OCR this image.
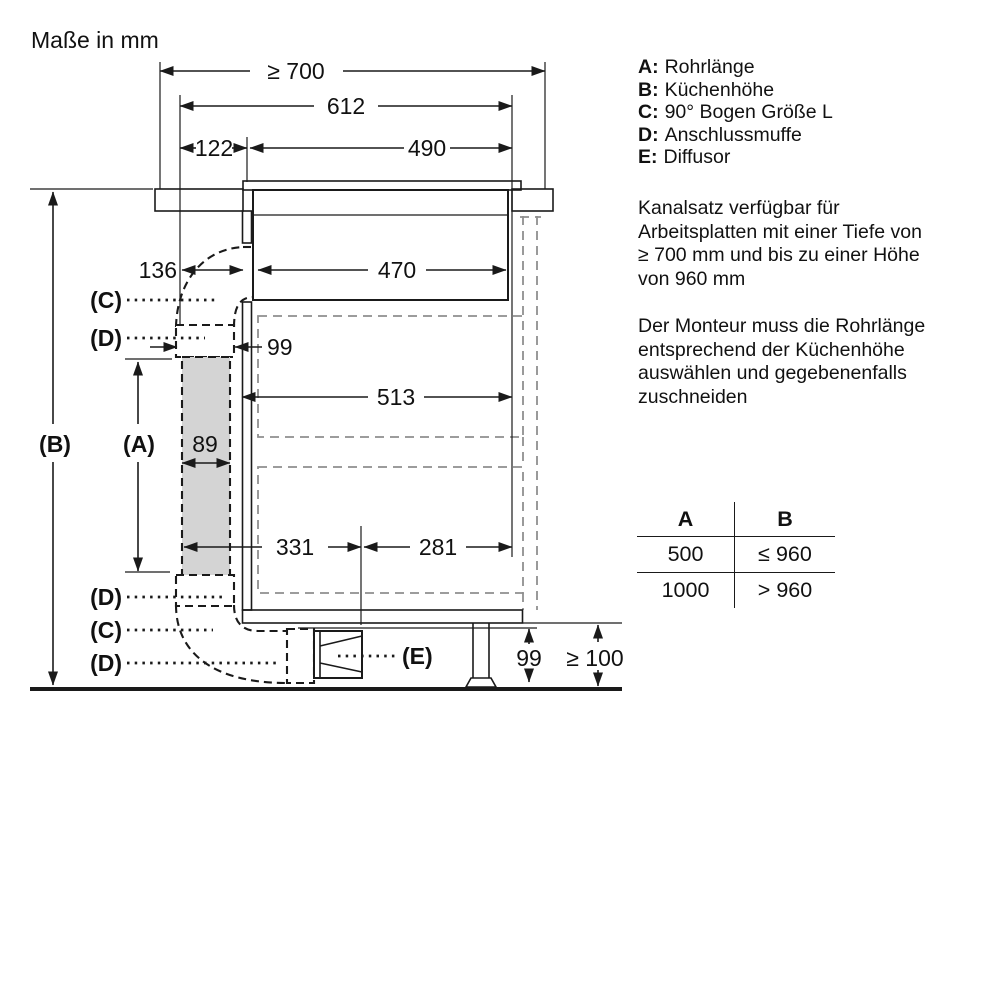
Maße in mm
≥ 700
612
122	490
136	470
99
513
89
331	281
(A)
(B)
99 ≥ 100
(C)
(D)
(D)
(C)
(D)	(E)
A: Rohrlänge
B: Küchenhöhe
C: 90° Bogen Größe L
D: Anschlussmuffe
E: Diffusor
Kanalsatz verfügbar für
Arbeitsplatten mit einer Tiefe von
≥ 700 mm und bis zu einer Höhe
von 960 mm
Der Monteur muss die Rohrlänge
entsprechend der Küchenhöhe
auswählen und gegebenenfalls
zuschneiden
A	B
500	≤ 960
1000	> 960
